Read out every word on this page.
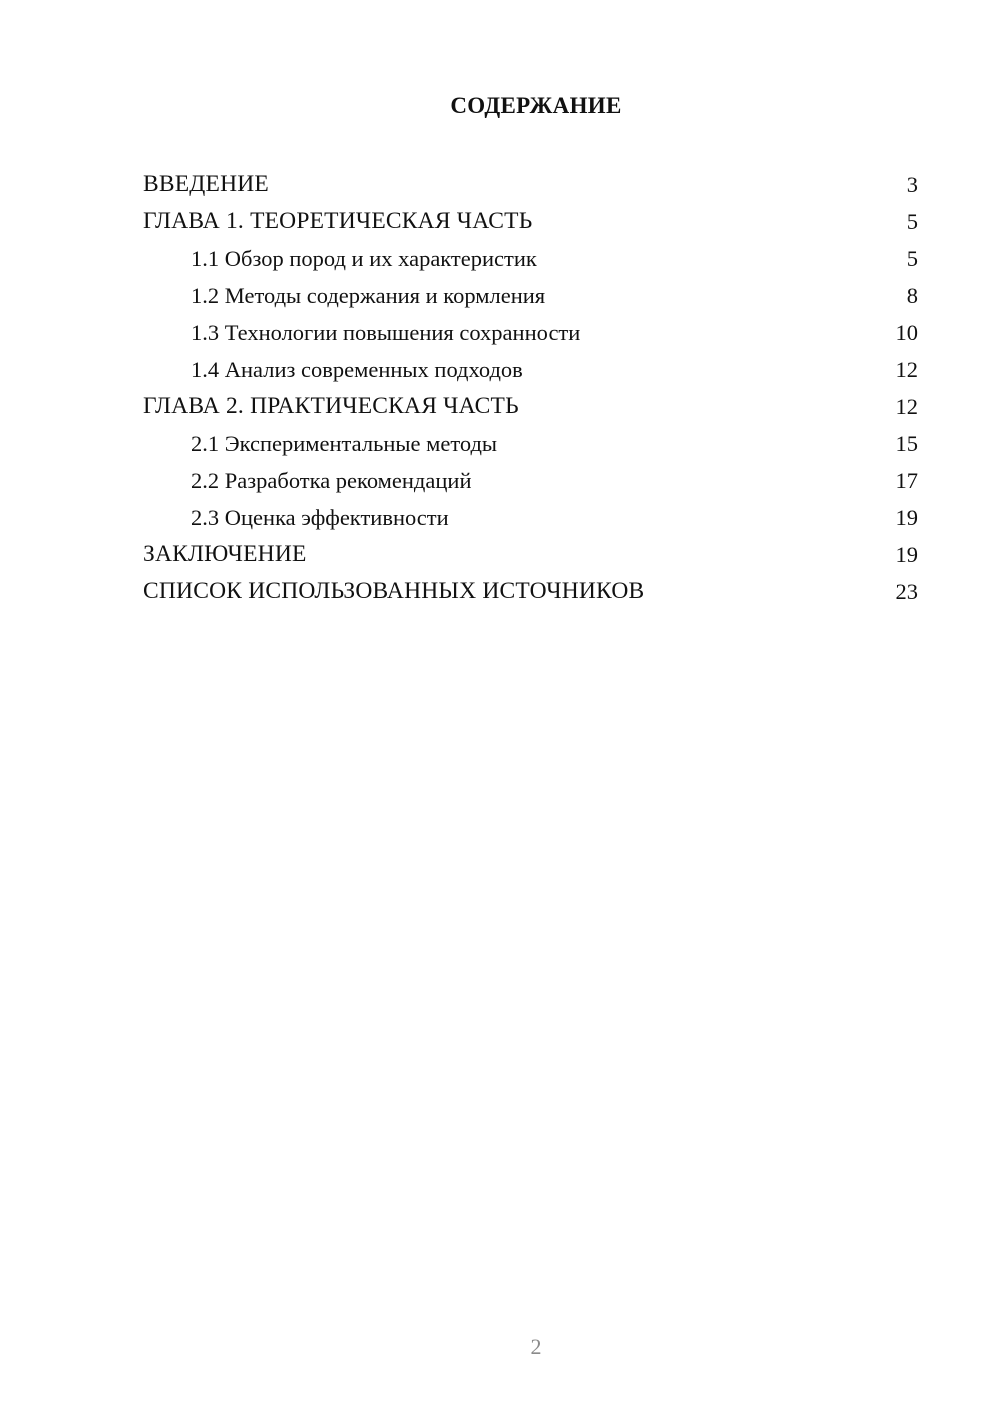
СОДЕРЖАНИЕ
ВВЕДЕНИЕ	3
ГЛАВА 1. ТЕОРЕТИЧЕСКАЯ ЧАСТЬ	5
1.1 Обзор пород и их характеристик	5
1.2 Методы содержания и кормления	8
1.3 Технологии повышения сохранности	10
1.4 Анализ современных подходов	12
ГЛАВА 2. ПРАКТИЧЕСКАЯ ЧАСТЬ	12
2.1 Экспериментальные методы	15
2.2 Разработка рекомендаций	17
2.3 Оценка эффективности	19
ЗАКЛЮЧЕНИЕ	19
СПИСОК ИСПОЛЬЗОВАННЫХ ИСТОЧНИКОВ	23
2
